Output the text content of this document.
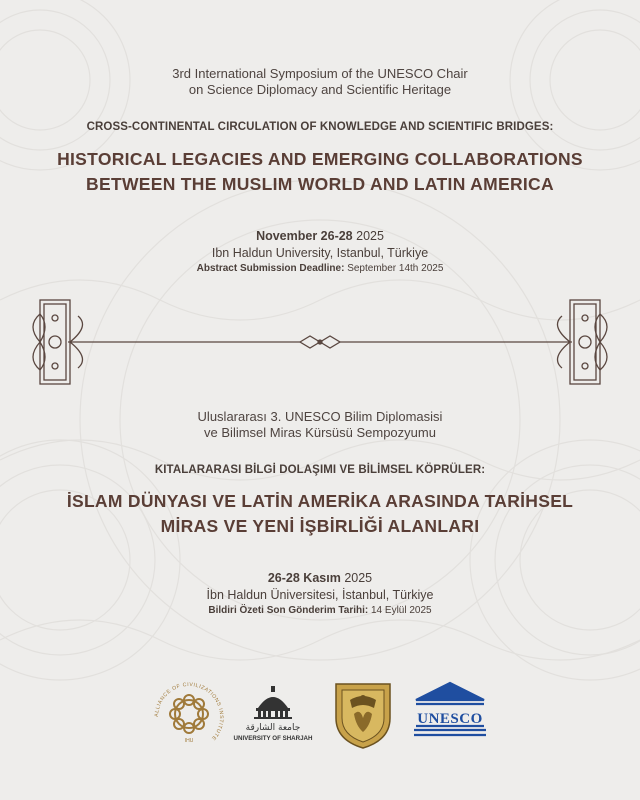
3rd International Symposium of the UNESCO Chair
on Science Diplomacy and Scientific Heritage
CROSS-CONTINENTAL CIRCULATION OF KNOWLEDGE AND SCIENTIFIC BRIDGES:
HISTORICAL LEGACIES AND EMERGING COLLABORATIONS
BETWEEN THE MUSLIM WORLD AND LATIN AMERICA
November 26-28 2025
Ibn Haldun University, Istanbul, Türkiye
Abstract Submission Deadline: September 14th 2025
Uluslararası 3. UNESCO Bilim Diplomasisi
ve Bilimsel Miras Kürsüsü Sempozyumu
KITALARARASI BİLGİ DOLAŞIMI VE BİLİMSEL KÖPRÜLER:
İSLAM DÜNYASI VE LATİN AMERİKA ARASINDA TARİHSEL
MİRAS VE YENİ İŞBİRLİĞİ ALANLARI
26-28 Kasım 2025
İbn Haldun Üniversitesi, İstanbul, Türkiye
Bildiri Özeti Son Gönderim Tarihi: 14 Eylül 2025
ALLIANCE OF CIVILIZATIONS INSTITUTE
IHU
جامعة الشارقة
UNIVERSITY OF SHARJAH
UNESCO
